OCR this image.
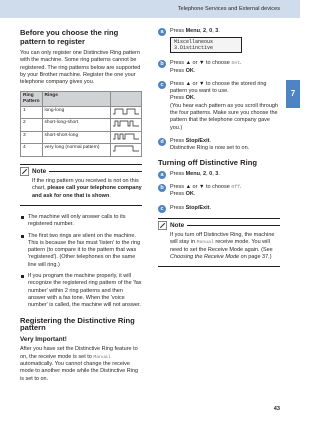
Telephone Services and External devices
7
Before you choose the ring pattern to register

You can only register one Distinctive Ring pattern with the machine. Some ring patterns cannot be registered. The ring patterns below are supported by your Brother machine. Register the one your telephone company gives you.

Ring Pattern	Rings	
1	long-long	
2	short-long-short	
3	short-short-long	
4	very long (normal pattern)	
Note

If the ring pattern you received is not on this chart, please call your telephone company and ask for one that is shown.

The machine will only answer calls to its registered number.
The first two rings are silent on the machine. This is because the fax must 'listen' to the ring pattern (to compare it to the pattern that was 'registered'). (Other telephones on the same line will ring.)
If you program the machine properly, it will recognize the registered ring pattern of the 'fax number' within 2 ring patterns and then answer with a fax tone. When the 'voice number' is called, the machine will not answer.
Registering the Distinctive Ring pattern
Very Important!

After you have set the Distinctive Ring feature to on, the receive mode is set to Manual automatically. You cannot change the receive mode to another mode while the Distinctive Ring is set to on.

a	Press Menu, 2, 0, 3.
Miscellaneous
3.Distinctive
b	Press ▲ or ▼ to choose Set.
Press OK.
c	Press ▲ or ▼ to choose the stored ring pattern you want to use.
Press OK.
(You hear each pattern as you scroll through the four patterns. Make sure you choose the pattern that the telephone company gave you.)
d	Press Stop/Exit.
Distinctive Ring is now set to on.
Turning off Distinctive Ring
a	Press Menu, 2, 0, 3.
b	Press ▲ or ▼ to choose Off.
Press OK.
c	Press Stop/Exit.
Note

If you turn off Distinctive Ring, the machine will stay in Manual receive mode. You will need to set the Receive Mode again. (See Choosing the Receive Mode on page 37.)

43
